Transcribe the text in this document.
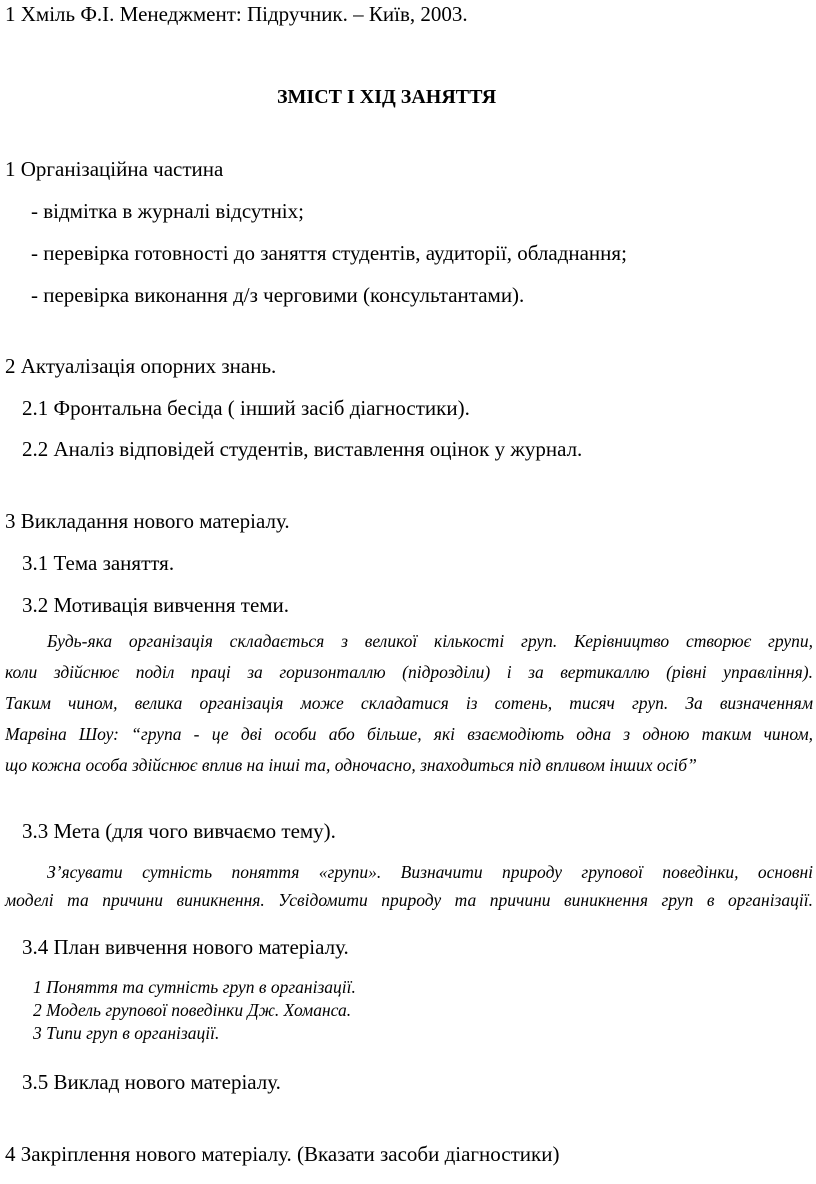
1 Хміль Ф.І. Менеджмент: Підручник. – Київ, 2003.
ЗМІСТ І ХІД ЗАНЯТТЯ
1 Організаційна частина
- відмітка в журналі відсутніх;
- перевірка готовності до заняття студентів, аудиторії, обладнання;
- перевірка виконання д/з черговими (консультантами).
2 Актуалізація опорних знань.
2.1 Фронтальна бесіда ( інший засіб діагностики).
2.2 Аналіз відповідей студентів, виставлення оцінок у журнал.
3 Викладання нового матеріалу.
3.1 Тема заняття.
3.2 Мотивація вивчення теми.
Будь-яка організація складається з великої кількості груп. Керівництво створює групи,
коли здійснює поділ праці за горизонталлю (підрозділи) і за вертикаллю (рівні управління).
Таким чином, велика організація може складатися із сотень, тисяч груп. За визначенням
Марвіна Шоу: “група - це дві особи або більше, які взаємодіють одна з одною таким чином,
що кожна особа здійснює вплив на інші та, одночасно, знаходиться під впливом інших осіб”
3.3 Мета (для чого вивчаємо тему).
З’ясувати сутність поняття «групи». Визначити природу групової поведінки, основні
моделі та причини виникнення. Усвідомити природу та причини виникнення груп в організації.
3.4 План вивчення нового матеріалу.
1 Поняття та сутність груп в організації.
2 Модель групової поведінки Дж. Хоманса.
3 Типи груп в організації.
3.5 Виклад нового матеріалу.
4 Закріплення нового матеріалу. (Вказати засоби діагностики)
